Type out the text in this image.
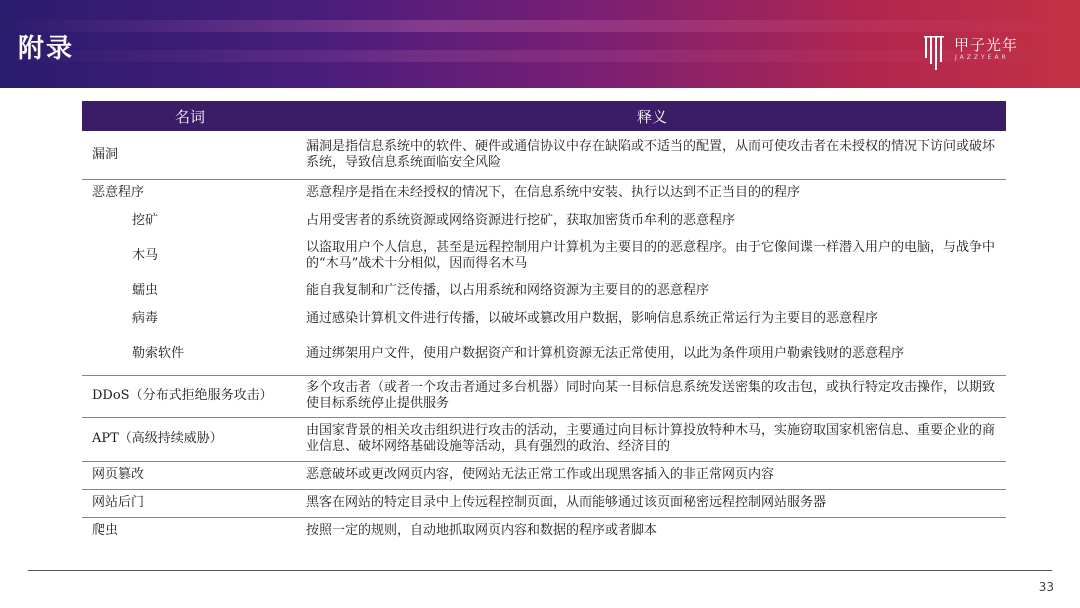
附录	甲子光年
JAZZYEAR
名词	释义
漏洞	漏洞是指信息系统中的软件、硬件或通信协议中存在缺陷或不适当的配置，从而可使攻击者在未授权的情况下访问或破坏系统，导致信息系统面临安全风险
恶意程序	恶意程序是指在未经授权的情况下，在信息系统中安装、执行以达到不正当目的的程序
挖矿	占用受害者的系统资源或网络资源进行挖矿，获取加密货币牟利的恶意程序
木马	以盗取用户个人信息，甚至是远程控制用户计算机为主要目的的恶意程序。由于它像间谍一样潜入用户的电脑，与战争中的“木马”战术十分相似，因而得名木马
蠕虫	能自我复制和广泛传播，以占用系统和网络资源为主要目的的恶意程序
病毒	通过感染计算机文件进行传播，以破坏或篡改用户数据，影响信息系统正常运行为主要目的恶意程序
勒索软件	通过绑架用户文件，使用户数据资产和计算机资源无法正常使用，以此为条件项用户勒索钱财的恶意程序
DDoS（分布式拒绝服务攻击）	多个攻击者（或者一个攻击者通过多台机器）同时向某一目标信息系统发送密集的攻击包，或执行特定攻击操作，以期致使目标系统停止提供服务
APT（高级持续威胁）	由国家背景的相关攻击组织进行攻击的活动，主要通过向目标计算投放特种木马，实施窃取国家机密信息、重要企业的商业信息、破坏网络基础设施等活动，具有强烈的政治、经济目的
网页篡改	恶意破坏或更改网页内容，使网站无法正常工作或出现黑客插入的非正常网页内容
网站后门	黑客在网站的特定目录中上传远程控制页面，从而能够通过该页面秘密远程控制网站服务器
爬虫	按照一定的规则，自动地抓取网页内容和数据的程序或者脚本
33
